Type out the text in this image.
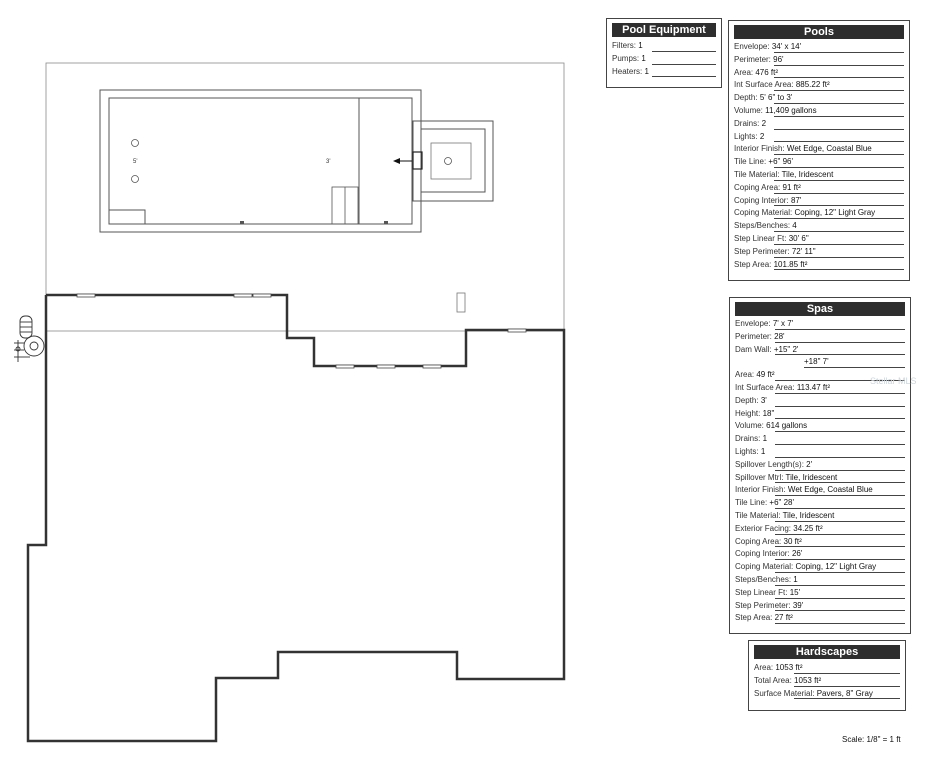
5'	3'
Pool Equipment
Filters: 1
Pumps: 1
Heaters: 1
Pools
Envelope: 34' x 14'
Perimeter: 96'
Area: 476 ft²
Int Surface Area: 885.22 ft²
Depth: 5' 6" to 3'
Volume: 11,409 gallons
Drains: 2
Lights: 2
Interior Finish: Wet Edge, Coastal Blue
Tile Line: +6" 96'
Tile Material: Tile, Iridescent
Coping Area: 91 ft²
Coping Interior: 87'
Coping Material: Coping, 12" Light Gray
Steps/Benches: 4
Step Linear Ft: 30' 6"
Step Perimeter: 72' 11"
Step Area: 101.85 ft²
Spas
Envelope: 7' x 7'
Perimeter: 28'
Dam Wall: +15" 2'
+18" 7'
Area: 49 ft²
Int Surface Area: 113.47 ft²
Depth: 3'
Height: 18"
Volume: 614 gallons
Drains: 1
Lights: 1
Spillover Length(s): 2'
Spillover Mtrl: Tile, Iridescent
Interior Finish: Wet Edge, Coastal Blue
Tile Line: +6" 28'
Tile Material: Tile, Iridescent
Exterior Facing: 34.25 ft²
Coping Area: 30 ft²
Coping Interior: 26'
Coping Material: Coping, 12" Light Gray
Steps/Benches: 1
Step Linear Ft: 15'
Step Perimeter: 39'
Step Area: 27 ft²
Hardscapes
Area: 1053 ft²
Total Area: 1053 ft²
Surface Material: Pavers, 8" Gray
Stellar MLS
Scale: 1/8" = 1 ft
